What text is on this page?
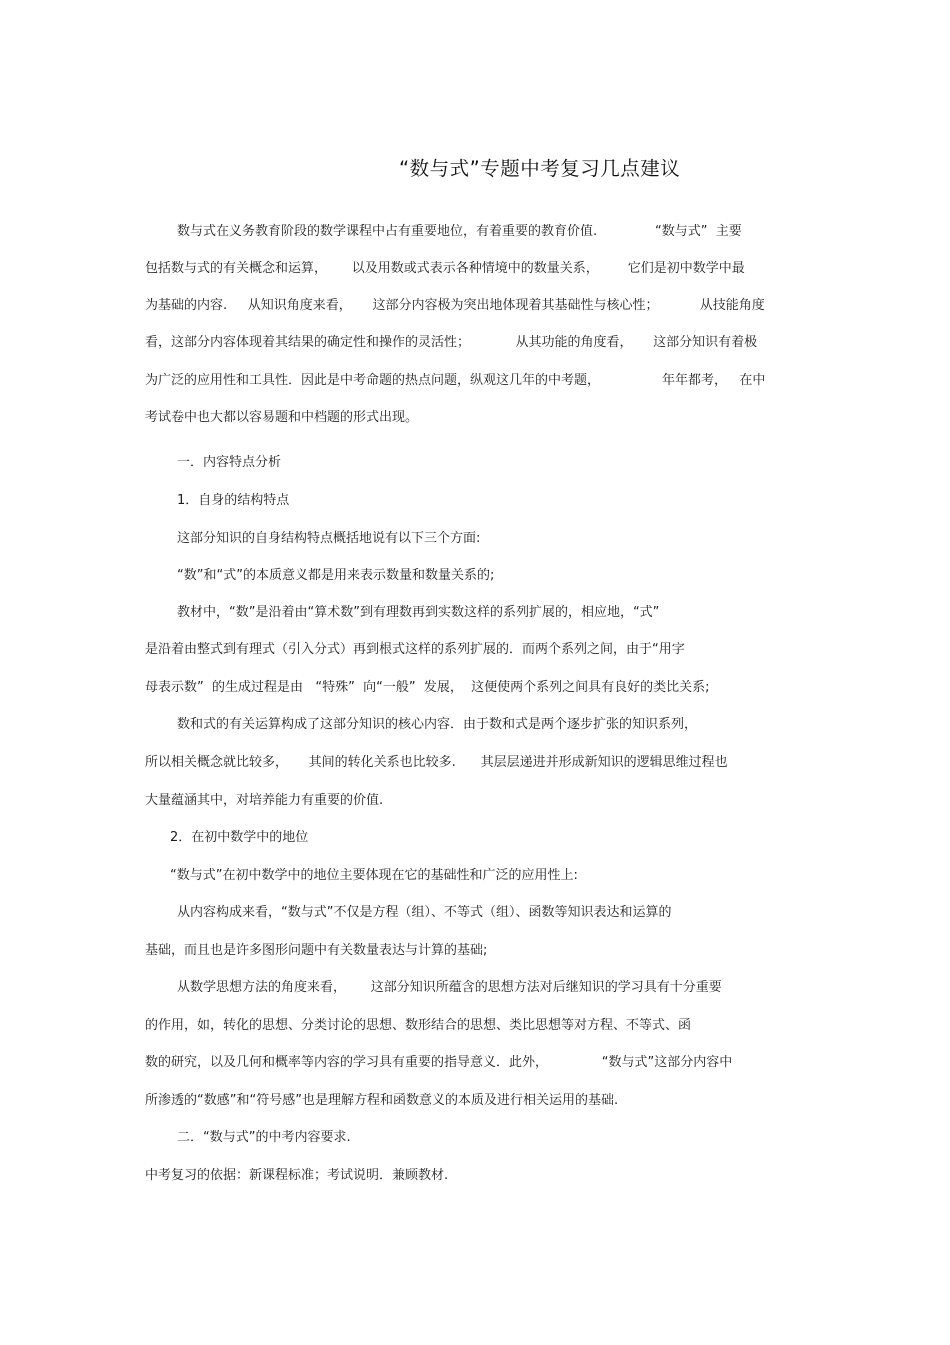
“数与式”专题中考复习几点建议
数与式在义务教育阶段的数学课程中占有重要地位，有着重要的教育价值.              “数与式”  主要
包括数与式的有关概念和运算，      以及用数或式表示各种情境中的数量关系，       它们是初中数学中最
为基础的内容.     从知识角度来看，     这部分内容极为突出地体现着其基础性与核心性；          从技能角度
看，这部分内容体现着其结果的确定性和操作的灵活性；           从其功能的角度看，     这部分知识有着极
为广泛的应用性和工具性．因此是中考命题的热点问题，纵观这几年的中考题，               年年都考，   在中
考试卷中也大都以容易题和中档题的形式出现。
一．内容特点分析
1．自身的结构特点
这部分知识的自身结构特点概括地说有以下三个方面:
“数”和“式”的本质意义都是用来表示数量和数量关系的;
教材中，“数”是沿着由“算术数”到有理数再到实数这样的系列扩展的，相应地，“式”
是沿着由整式到有理式（引入分式）再到根式这样的系列扩展的．而两个系列之间，由于“用字
母表示数”  的生成过程是由   “特殊”  向“一般”  发展，  这便使两个系列之间具有良好的类比关系;
数和式的有关运算构成了这部分知识的核心内容．由于数和式是两个逐步扩张的知识系列，
所以相关概念就比较多，     其间的转化关系也比较多.      其层层递进并形成新知识的逻辑思维过程也
大量蕴涵其中，对培养能力有重要的价值.
2．在初中数学中的地位
“数与式”在初中数学中的地位主要体现在它的基础性和广泛的应用性上:
从内容构成来看，“数与式”不仅是方程（组）、不等式（组）、函数等知识表达和运算的
基础，而且也是许多图形问题中有关数量表达与计算的基础;
从数学思想方法的角度来看，      这部分知识所蕴含的思想方法对后继知识的学习具有十分重要
的作用，如，转化的思想、分类讨论的思想、数形结合的思想、类比思想等对方程、不等式、函
数的研究，以及几何和概率等内容的学习具有重要的指导意义．此外，             “数与式”这部分内容中
所渗透的“数感”和“符号感”也是理解方程和函数意义的本质及进行相关运用的基础.
二．“数与式”的中考内容要求.
中考复习的依据：新课程标准；考试说明．兼顾教材.
